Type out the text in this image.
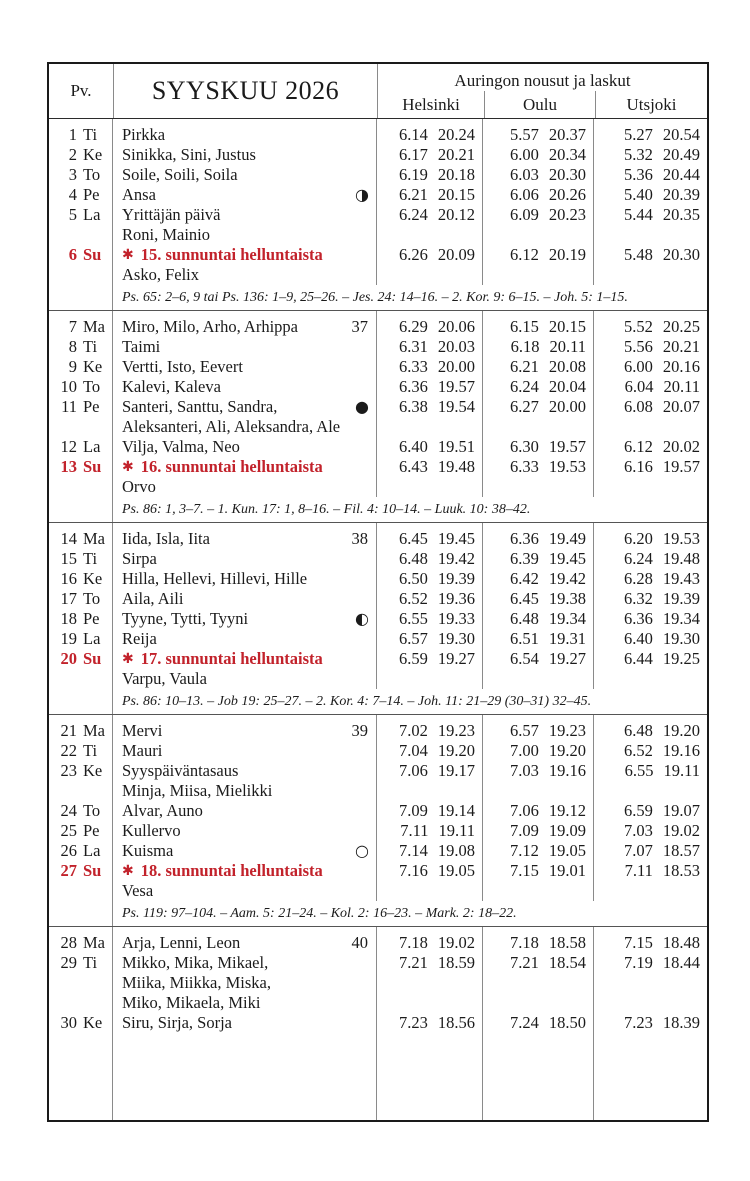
Pv.	SYYSKUU 2026	Auringon nousut ja laskut
Helsinki	Oulu	Utsjoki
1 Ti Pirkka	6.14 20.24 5.57 20.37 5.27 20.54
2 Ke Sinikka, Sini, Justus	6.17 20.21 6.00 20.34 5.32 20.49
3 To Soile, Soili, Soila	6.19 20.18 6.03 20.30 5.36 20.44
4 Pe Ansa	◑ 6.21 20.15 6.06 20.26 5.40 20.39
5 La Yrittäjän päivä	6.24 20.12 6.09 20.23 5.44 20.35
Roni, Mainio
6 Su ✱ 15. sunnuntai helluntaista	6.26 20.09 6.12 20.19 5.48 20.30
Asko, Felix
Ps. 65: 2–6, 9 tai Ps. 136: 1–9, 25–26. – Jes. 24: 14–16. – 2. Kor. 9: 6–15. – Joh. 5: 1–15.
7 Ma Miro, Milo, Arho, Arhippa	37 6.29 20.06 6.15 20.15 5.52 20.25
8 Ti Taimi	6.31 20.03 6.18 20.11 5.56 20.21
9 Ke Vertti, Isto, Eevert	6.33 20.00 6.21 20.08 6.00 20.16
10 To Kalevi, Kaleva	6.36 19.57 6.24 20.04 6.04 20.11
11 Pe Santeri, Santtu, Sandra,	● 6.38 19.54 6.27 20.00 6.08 20.07
Aleksanteri, Ali, Aleksandra, Ale
12 La Vilja, Valma, Neo	6.40 19.51 6.30 19.57 6.12 20.02
13 Su ✱ 16. sunnuntai helluntaista	6.43 19.48 6.33 19.53 6.16 19.57
Orvo
Ps. 86: 1, 3–7. – 1. Kun. 17: 1, 8–16. – Fil. 4: 10–14. – Luuk. 10: 38–42.
14 Ma Iida, Isla, Iita	38 6.45 19.45 6.36 19.49 6.20 19.53
15 Ti Sirpa	6.48 19.42 6.39 19.45 6.24 19.48
16 Ke Hilla, Hellevi, Hillevi, Hille	6.50 19.39 6.42 19.42 6.28 19.43
17 To Aila, Aili	6.52 19.36 6.45 19.38 6.32 19.39
18 Pe Tyyne, Tytti, Tyyni	◐ 6.55 19.33 6.48 19.34 6.36 19.34
19 La Reija	6.57 19.30 6.51 19.31 6.40 19.30
20 Su ✱ 17. sunnuntai helluntaista	6.59 19.27 6.54 19.27 6.44 19.25
Varpu, Vaula
Ps. 86: 10–13. – Job 19: 25–27. – 2. Kor. 4: 7–14. – Joh. 11: 21–29 (30–31) 32–45.
21 Ma Mervi	39 7.02 19.23 6.57 19.23 6.48 19.20
22 Ti Mauri	7.04 19.20 7.00 19.20 6.52 19.16
23 Ke Syyspäiväntasaus	7.06 19.17 7.03 19.16 6.55 19.11
Minja, Miisa, Mielikki
24 To Alvar, Auno	7.09 19.14 7.06 19.12 6.59 19.07
25 Pe Kullervo	7.11 19.11 7.09 19.09 7.03 19.02
26 La Kuisma	○ 7.14 19.08 7.12 19.05 7.07 18.57
27 Su ✱ 18. sunnuntai helluntaista	7.16 19.05 7.15 19.01 7.11 18.53
Vesa
Ps. 119: 97–104. – Aam. 5: 21–24. – Kol. 2: 16–23. – Mark. 2: 18–22.
28 Ma Arja, Lenni, Leon	40 7.18 19.02 7.18 18.58 7.15 18.48
29 Ti Mikko, Mika, Mikael,	7.21 18.59 7.21 18.54 7.19 18.44
Miika, Miikka, Miska,
Miko, Mikaela, Miki
30 Ke Siru, Sirja, Sorja	7.23 18.56 7.24 18.50 7.23 18.39
